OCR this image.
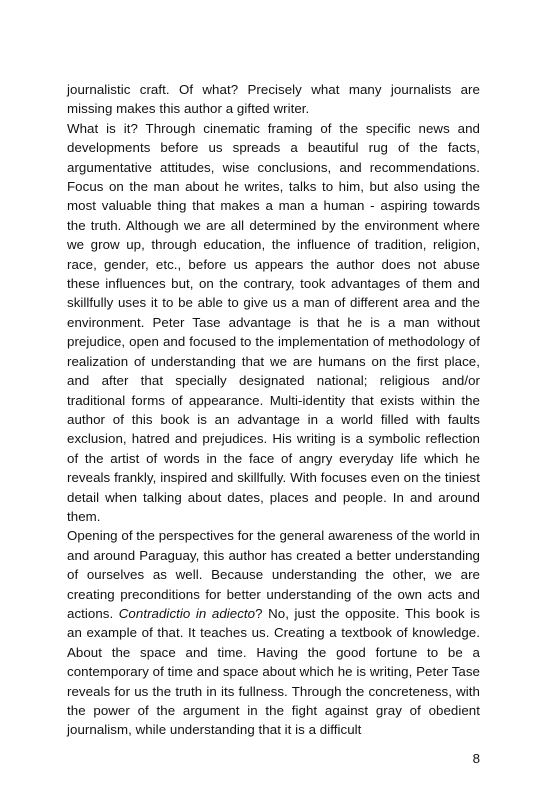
journalistic craft. Of what? Precisely what many journalists are missing makes this author a gifted writer.

What is it? Through cinematic framing of the specific news and developments before us spreads a beautiful rug of the facts, argumentative attitudes, wise conclusions, and recommendations. Focus on the man about he writes, talks to him, but also using the most valuable thing that makes a man a human - aspiring towards the truth. Although we are all determined by the environment where we grow up, through education, the influence of tradition, religion, race, gender, etc., before us appears the author does not abuse these influences but, on the contrary, took advantages of them and skillfully uses it to be able to give us a man of different area and the environment. Peter Tase advantage is that he is a man without prejudice, open and focused to the implementation of methodology of realization of understanding that we are humans on the first place, and after that specially designated national; religious and/or traditional forms of appearance. Multi-identity that exists within the author of this book is an advantage in a world filled with faults exclusion, hatred and prejudices. His writing is a symbolic reflection of the artist of words in the face of angry everyday life which he reveals frankly, inspired and skillfully. With focuses even on the tiniest detail when talking about dates, places and people. In and around them.

Opening of the perspectives for the general awareness of the world in and around Paraguay, this author has created a better understanding of ourselves as well. Because understanding the other, we are creating preconditions for better understanding of the own acts and actions. Contradictio in adiecto? No, just the opposite. This book is an example of that. It teaches us. Creating a textbook of knowledge. About the space and time. Having the good fortune to be a contemporary of time and space about which he is writing, Peter Tase reveals for us the truth in its fullness. Through the concreteness, with the power of the argument in the fight against gray of obedient journalism, while understanding that it is a difficult

8
